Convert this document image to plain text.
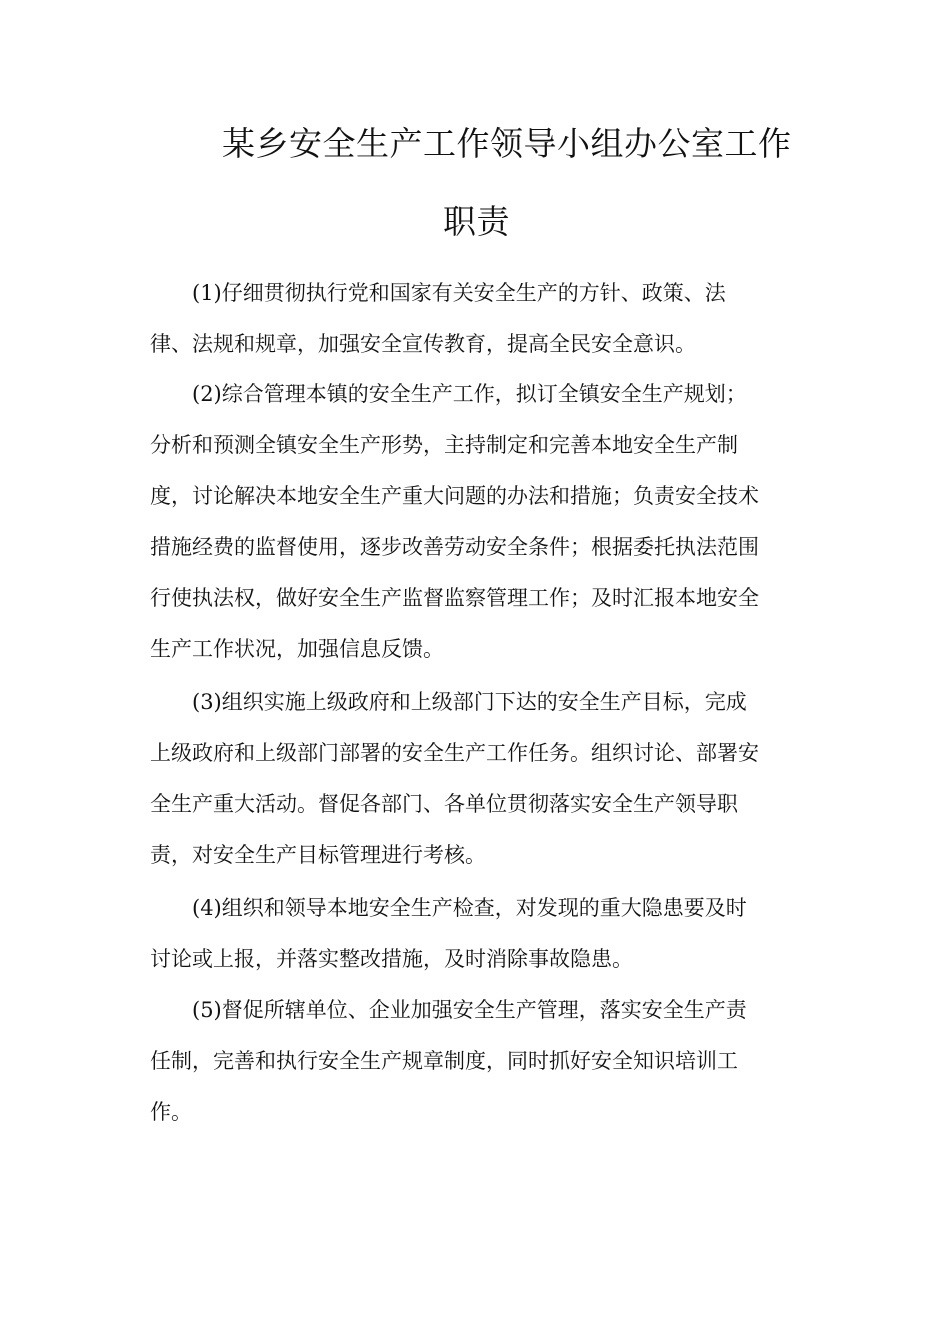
某乡安全生产工作领导小组办公室工作
职责
(1)仔细贯彻执行党和国家有关安全生产的方针、政策、法
律、法规和规章，加强安全宣传教育，提高全民安全意识。
(2)综合管理本镇的安全生产工作，拟订全镇安全生产规划；
分析和预测全镇安全生产形势，主持制定和完善本地安全生产制
度，讨论解决本地安全生产重大问题的办法和措施；负责安全技术
措施经费的监督使用，逐步改善劳动安全条件；根据委托执法范围
行使执法权，做好安全生产监督监察管理工作；及时汇报本地安全
生产工作状况，加强信息反馈。
(3)组织实施上级政府和上级部门下达的安全生产目标，完成
上级政府和上级部门部署的安全生产工作任务。组织讨论、部署安
全生产重大活动。督促各部门、各单位贯彻落实安全生产领导职
责，对安全生产目标管理进行考核。
(4)组织和领导本地安全生产检查，对发现的重大隐患要及时
讨论或上报，并落实整改措施，及时消除事故隐患。
(5)督促所辖单位、企业加强安全生产管理，落实安全生产责
任制，完善和执行安全生产规章制度，同时抓好安全知识培训工
作。
